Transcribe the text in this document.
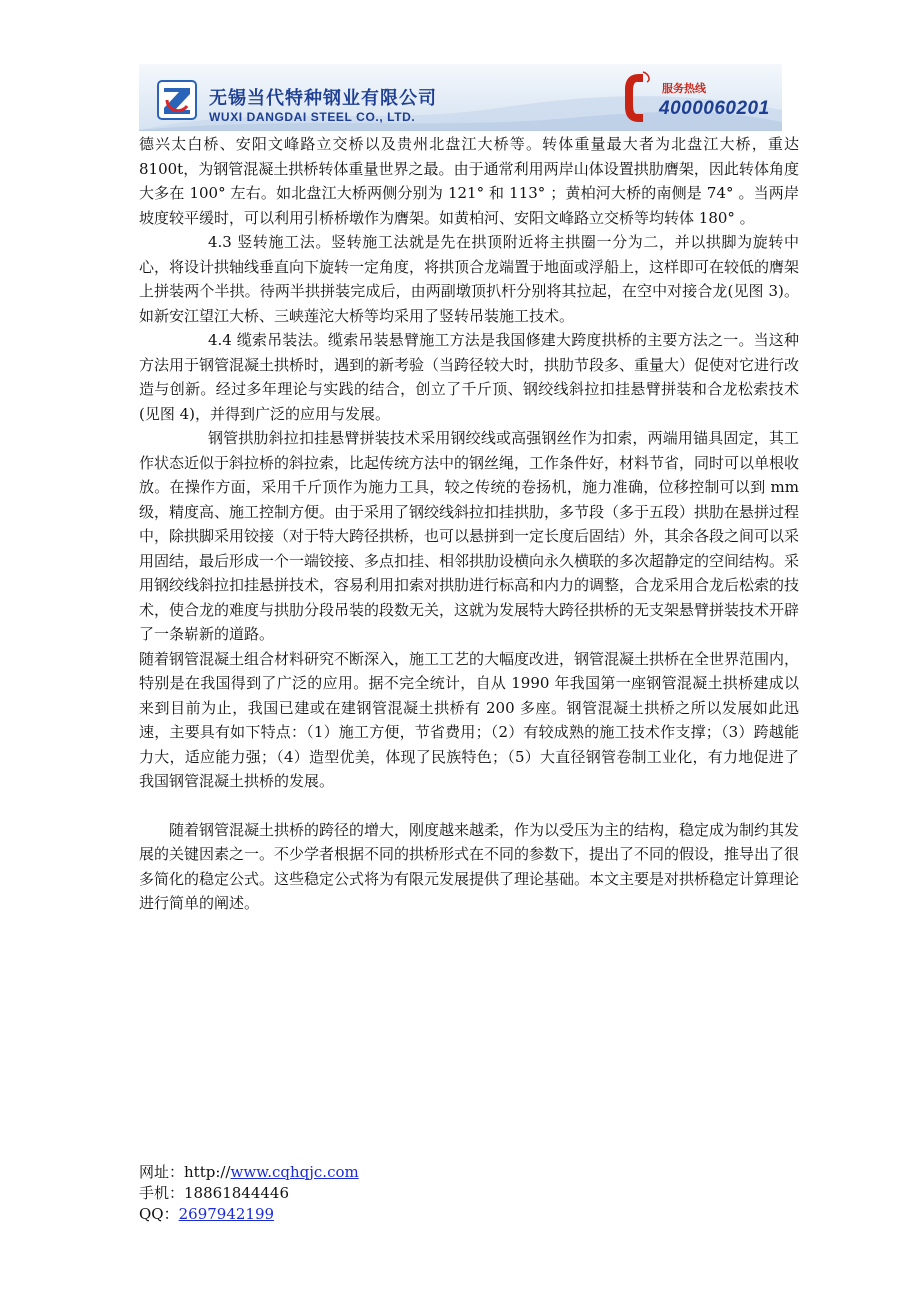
无锡当代特种钢业有限公司
WUXI DANGDAI STEEL CO., LTD.
服务热线
4000060201

德兴太白桥、安阳文峰路立交桥以及贵州北盘江大桥等。转体重量最大者为北盘江大桥，重达 8100t，为钢管混凝土拱桥转体重量世界之最。由于通常利用两岸山体设置拱肋膺架，因此转体角度大多在 100° 左右。如北盘江大桥两侧分别为 121° 和 113° ；黄柏河大桥的南侧是 74° 。当两岸坡度较平缓时，可以利用引桥桥墩作为膺架。如黄柏河、安阳文峰路立交桥等均转体 180° 。

4.3 竖转施工法。竖转施工法就是先在拱顶附近将主拱圈一分为二，并以拱脚为旋转中心，将设计拱轴线垂直向下旋转一定角度，将拱顶合龙端置于地面或浮船上，这样即可在较低的膺架上拼装两个半拱。待两半拱拼装完成后，由两副墩顶扒杆分别将其拉起，在空中对接合龙(见图 3)。如新安江望江大桥、三峡莲沱大桥等均采用了竖转吊装施工技术。

4.4 缆索吊装法。缆索吊装悬臂施工方法是我国修建大跨度拱桥的主要方法之一。当这种方法用于钢管混凝土拱桥时，遇到的新考验（当跨径较大时，拱肋节段多、重量大）促使对它进行改造与创新。经过多年理论与实践的结合，创立了千斤顶、钢绞线斜拉扣挂悬臂拼装和合龙松索技术(见图 4)，并得到广泛的应用与发展。

钢管拱肋斜拉扣挂悬臂拼装技术采用钢绞线或高强钢丝作为扣索，两端用锚具固定，其工作状态近似于斜拉桥的斜拉索，比起传统方法中的钢丝绳，工作条件好，材料节省，同时可以单根收放。在操作方面，采用千斤顶作为施力工具，较之传统的卷扬机，施力准确，位移控制可以到 mm 级，精度高、施工控制方便。由于采用了钢绞线斜拉扣挂拱肋，多节段（多于五段）拱肋在悬拼过程中，除拱脚采用铰接（对于特大跨径拱桥，也可以悬拼到一定长度后固结）外，其余各段之间可以采用固结，最后形成一个一端铰接、多点扣挂、相邻拱肋设横向永久横联的多次超静定的空间结构。采用钢绞线斜拉扣挂悬拼技术，容易利用扣索对拱肋进行标高和内力的调整，合龙采用合龙后松索的技术，使合龙的难度与拱肋分段吊装的段数无关，这就为发展特大跨径拱桥的无支架悬臂拼装技术开辟了一条崭新的道路。

随着钢管混凝土组合材料研究不断深入，施工工艺的大幅度改进，钢管混凝土拱桥在全世界范围内，特别是在我国得到了广泛的应用。据不完全统计，自从 1990 年我国第一座钢管混凝土拱桥建成以来到目前为止，我国已建或在建钢管混凝土拱桥有 200 多座。钢管混凝土拱桥之所以发展如此迅速，主要具有如下特点：（1）施工方便，节省费用；（2）有较成熟的施工技术作支撑；（3）跨越能力大，适应能力强；（4）造型优美，体现了民族特色；（5）大直径钢管卷制工业化，有力地促进了我国钢管混凝土拱桥的发展。

随着钢管混凝土拱桥的跨径的增大，刚度越来越柔，作为以受压为主的结构，稳定成为制约其发展的关键因素之一。不少学者根据不同的拱桥形式在不同的参数下，提出了不同的假设，推导出了很多简化的稳定公式。这些稳定公式将为有限元发展提供了理论基础。本文主要是对拱桥稳定计算理论进行简单的阐述。

网址：http://www.cqhqjc.com
手机：18861844446
QQ：2697942199
